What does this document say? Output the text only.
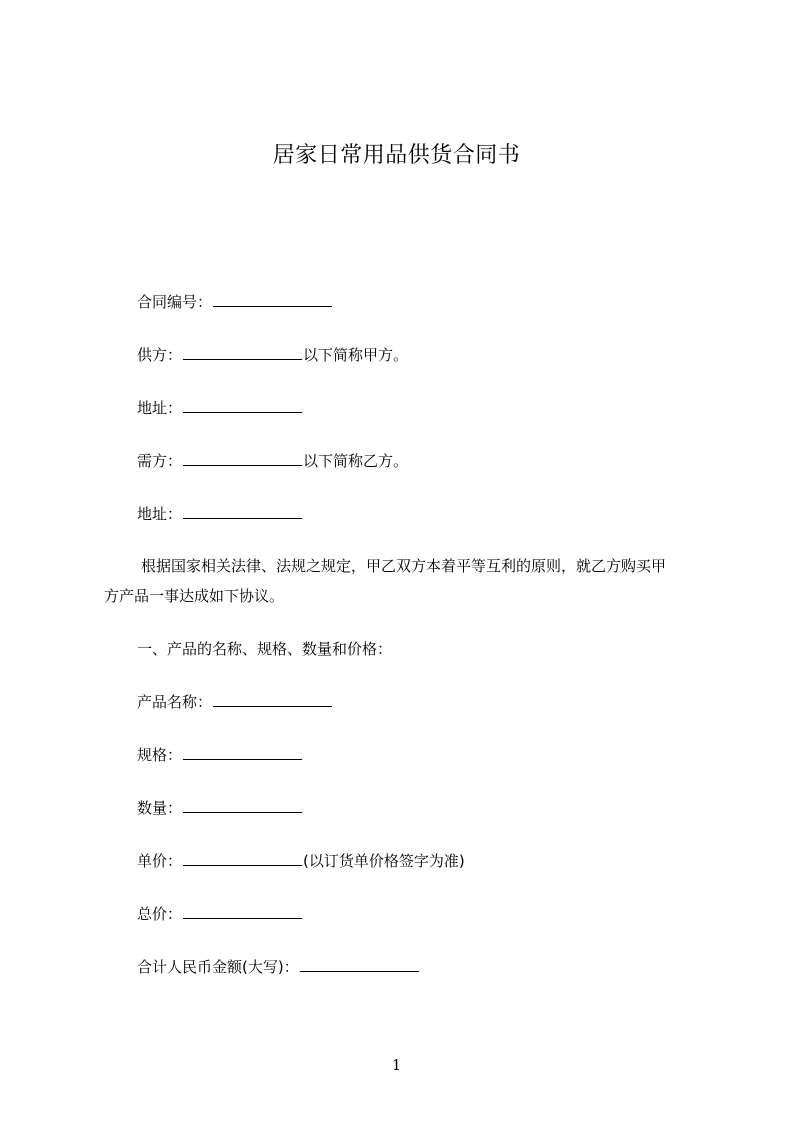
居家日常用品供货合同书
合同编号：
供方：	以下简称甲方。
地址：
需方：	以下简称乙方。
地址：
根据国家相关法律、法规之规定，甲乙双方本着平等互利的原则，就乙方购买甲
方产品一事达成如下协议。
一、产品的名称、规格、数量和价格：
产品名称：
规格：
数量：
单价：	(以订货单价格签字为准)
总价：
合计人民币金额(大写)：
1
